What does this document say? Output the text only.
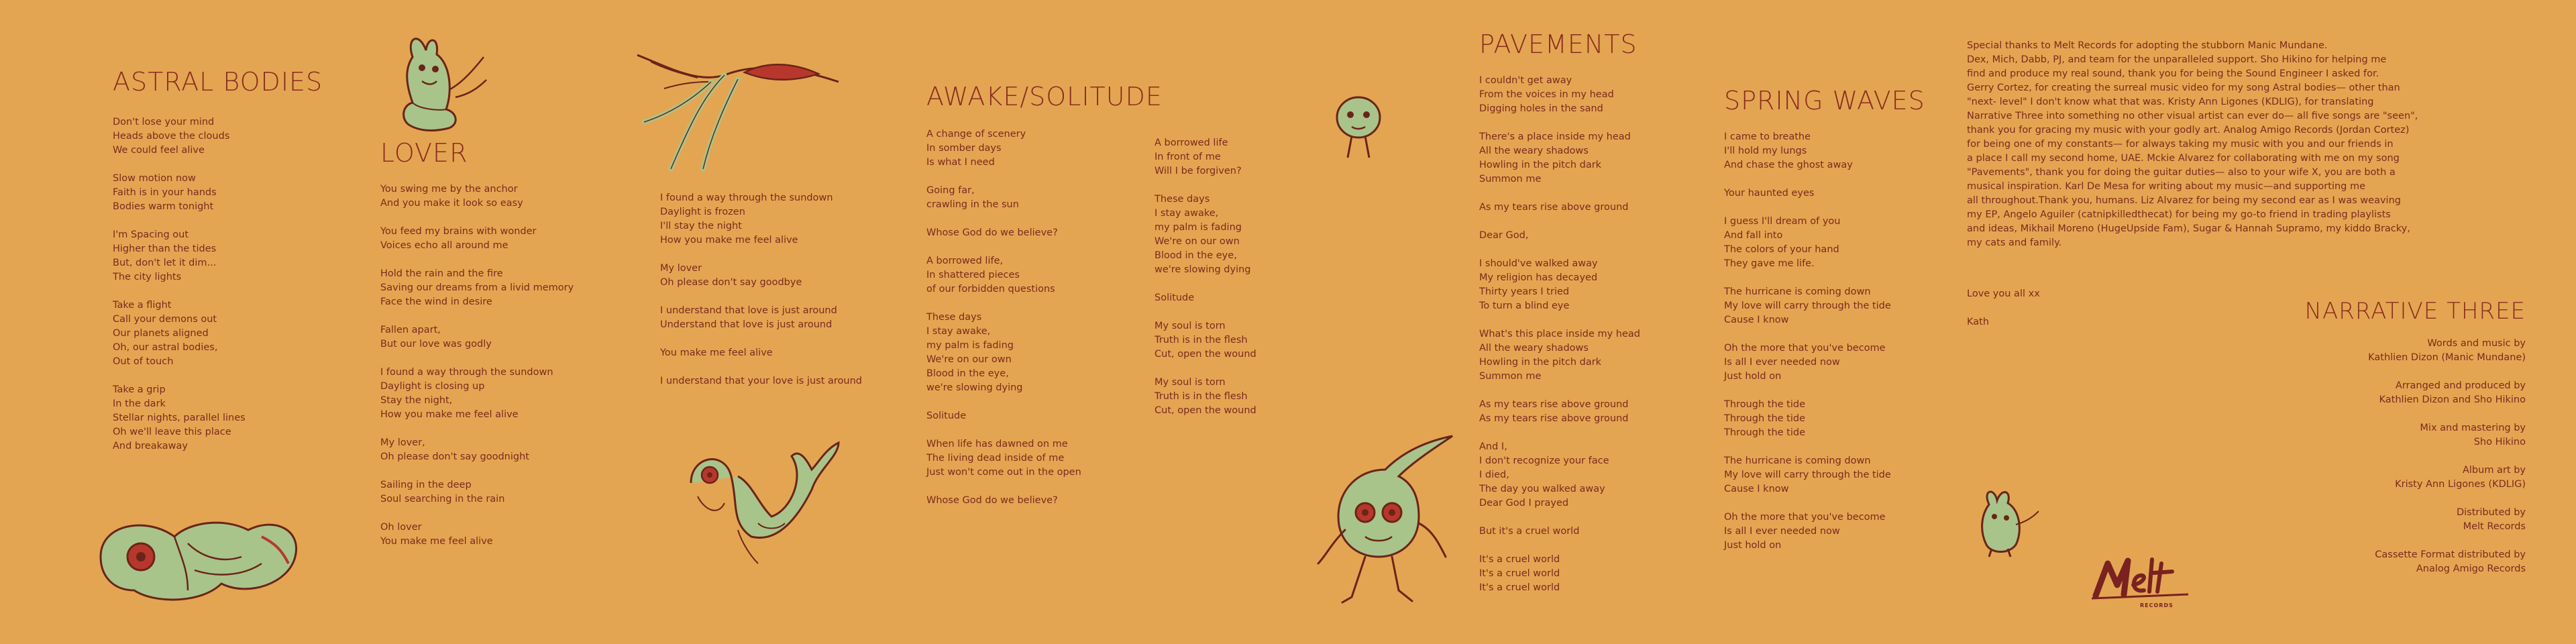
ASTRAL BODIES
Don't lose your mind
Heads above the clouds
We could feel alive
Slow motion now
Faith is in your hands
Bodies warm tonight
I'm Spacing out
Higher than the tides
But, don't let it dim...
The city lights
Take a flight
Call your demons out
Our planets aligned
Oh, our astral bodies,
Out of touch
Take a grip
In the dark
Stellar nights, parallel lines
Oh we'll leave this place
And breakaway
LOVER
You swing me by the anchor
And you make it look so easy
You feed my brains with wonder
Voices echo all around me
Hold the rain and the fire
Saving our dreams from a livid memory
Face the wind in desire
Fallen apart,
But our love was godly
I found a way through the sundown
Daylight is closing up
Stay the night,
How you make me feel alive
My lover,
Oh please don't say goodnight
Sailing in the deep
Soul searching in the rain
Oh lover
You make me feel alive
I found a way through the sundown
Daylight is frozen
I'll stay the night
How you make me feel alive
My lover
Oh please don't say goodbye
I understand that love is just around
Understand that love is just around
You make me feel alive
I understand that your love is just around
AWAKE/SOLITUDE
A change of scenery
In somber days
Is what I need
Going far,
crawling in the sun
Whose God do we believe?
A borrowed life,
In shattered pieces
of our forbidden questions
These days
I stay awake,
my palm is fading
We're on our own
Blood in the eye,
we're slowing dying
Solitude
When life has dawned on me
The living dead inside of me
Just won't come out in the open
Whose God do we believe?
A borrowed life
In front of me
Will I be forgiven?
These days
I stay awake,
my palm is fading
We're on our own
Blood in the eye,
we're slowing dying
Solitude
My soul is torn
Truth is in the flesh
Cut, open the wound
My soul is torn
Truth is in the flesh
Cut, open the wound
PAVEMENTS
I couldn't get away
From the voices in my head
Digging holes in the sand
There's a place inside my head
All the weary shadows
Howling in the pitch dark
Summon me
As my tears rise above ground
Dear God,
I should've walked away
My religion has decayed
Thirty years I tried
To turn a blind eye
What's this place inside my head
All the weary shadows
Howling in the pitch dark
Summon me
As my tears rise above ground
As my tears rise above ground
And I,
I don't recognize your face
I died,
The day you walked away
Dear God I prayed
But it's a cruel world
It's a cruel world
It's a cruel world
It's a cruel world
SPRING WAVES
I came to breathe
I'll hold my lungs
And chase the ghost away
Your haunted eyes
I guess I'll dream of you
And fall into
The colors of your hand
They gave me life.
The hurricane is coming down
My love will carry through the tide
Cause I know
Oh the more that you've become
Is all I ever needed now
Just hold on
Through the tide
Through the tide
Through the tide
The hurricane is coming down
My love will carry through the tide
Cause I know
Oh the more that you've become
Is all I ever needed now
Just hold on
Special thanks to Melt Records for adopting the stubborn Manic Mundane.
Dex, Mich, Dabb, PJ, and team for the unparalleled support. Sho Hikino for helping me
find and produce my real sound, thank you for being the Sound Engineer I asked for.
Gerry Cortez, for creating the surreal music video for my song Astral bodies— other than
"next- level" I don't know what that was. Kristy Ann Ligones (KDLIG), for translating
Narrative Three into something no other visual artist can ever do— all five songs are "seen",
thank you for gracing my music with your godly art. Analog Amigo Records (Jordan Cortez)
for being one of my constants— for always taking my music with you and our friends in
a place I call my second home, UAE. Mckie Alvarez for collaborating with me on my song
"Pavements", thank you for doing the guitar duties— also to your wife X, you are both a
musical inspiration. Karl De Mesa for writing about my music—and supporting me
all throughout.Thank you, humans. Liz Alvarez for being my second ear as I was weaving
my EP, Angelo Aguiler (catnipkilledthecat) for being my go-to friend in trading playlists
and ideas, Mikhail Moreno (HugeUpside Fam), Sugar & Hannah Supramo, my kiddo Bracky,
my cats and family.
Love you all xx
Kath	NARRATIVE THREE
Words and music by
Kathlien Dizon (Manic Mundane)
Arranged and produced by
Kathlien Dizon and Sho Hikino
Mix and mastering by
Sho Hikino
Album art by
Kristy Ann Ligones (KDLIG)
Distributed by
Melt Records
Cassette Format distributed by
Analog Amigo Records
RECORDS
